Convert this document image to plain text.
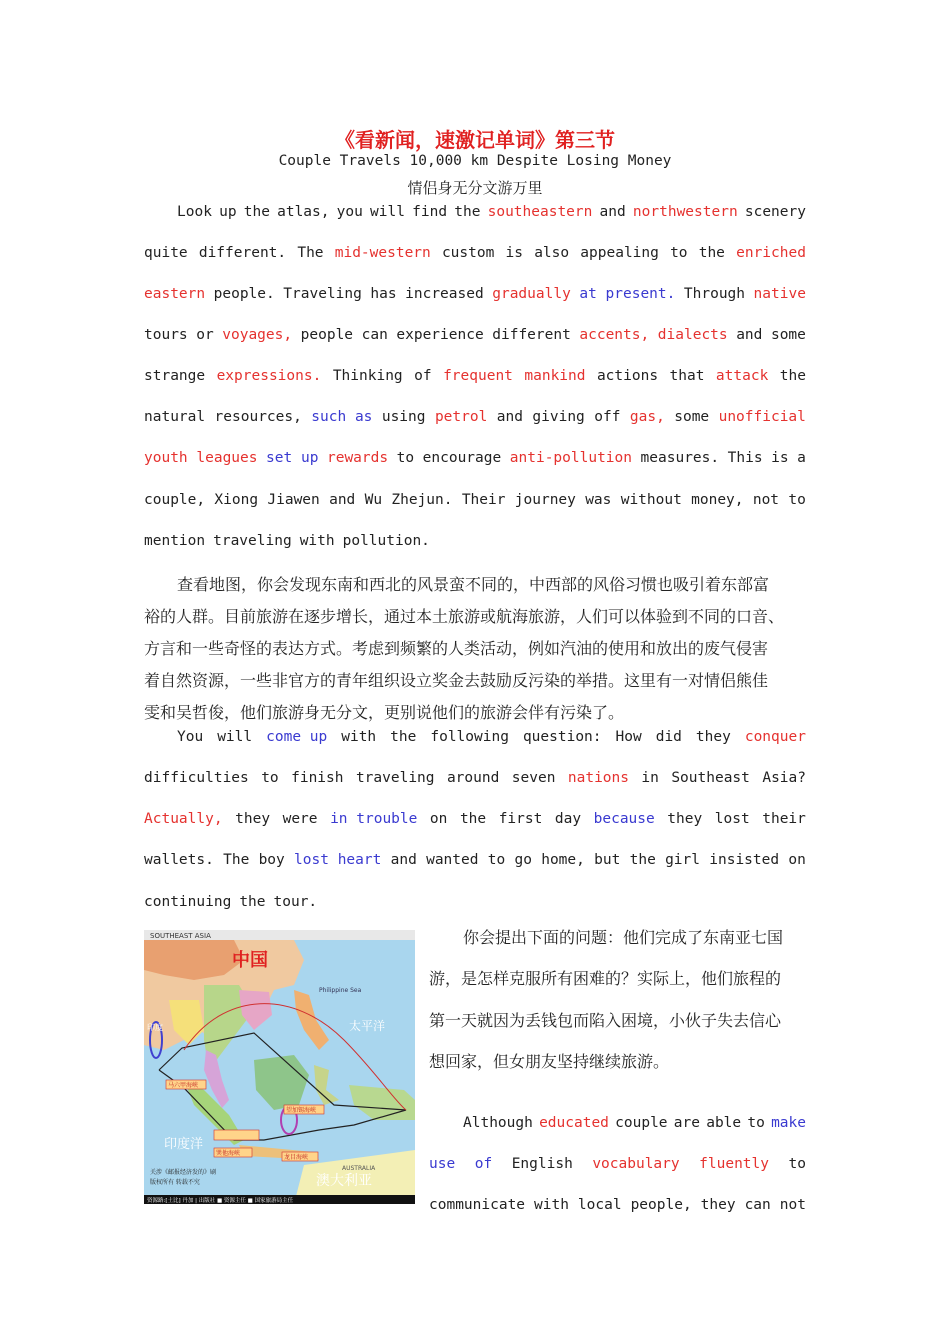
《看新闻，速激记单词》第三节
Couple Travels 10,000 km Despite Losing Money
情侣身无分文游万里
Look up the atlas, you will find the southeastern and northwestern scenery
quite different. The mid-western custom is also appealing to the enriched
eastern people. Traveling has increased gradually at present. Through native
tours or voyages, people can experience different accents, dialects and some
strange expressions. Thinking of frequent mankind actions that attack the
natural resources, such as using petrol and giving off gas, some unofficial
youth leagues set up rewards to encourage anti-pollution measures. This is a
couple, Xiong Jiawen and Wu Zhejun. Their journey was without money, not to
mention traveling with pollution.
查看地图，你会发现东南和西北的风景蛮不同的，中西部的风俗习惯也吸引着东部富
裕的人群。目前旅游在逐步增长，通过本土旅游或航海旅游，人们可以体验到不同的口音、
方言和一些奇怪的表达方式。考虑到频繁的人类活动，例如汽油的使用和放出的废气侵害
着自然资源，一些非官方的青年组织设立奖金去鼓励反污染的举措。这里有一对情侣熊佳
雯和吴哲俊，他们旅游身无分文，更别说他们的旅游会伴有污染了。
You will come up with the following question: How did they conquer
difficulties to finish traveling around seven nations in Southeast Asia?
Actually, they were in trouble on the first day because they lost their
wallets. The boy lost heart and wanted to go home, but the girl insisted on
continuing the tour.
SOUTHEAST ASIA
中国
太平洋
Philippine Sea
印度
印度洋
AUSTRALIA
澳大利亚
马六甲海峡
巽他海峡
望加锡海峡
龙目海峡
关涉《邮报经济发的》刷
版权所有 转载不究
资源路:[土比] 丹加 | 出版社 ■ 资源主任 ■ 国家旅游局主任
你会提出下面的问题：他们完成了东南亚七国
游，是怎样克服所有困难的？实际上，他们旅程的
第一天就因为丢钱包而陷入困境，小伙子失去信心
想回家，但女朋友坚持继续旅游。
Although educated couple are able to make
use of English vocabulary fluently to
communicate with local people, they can not
